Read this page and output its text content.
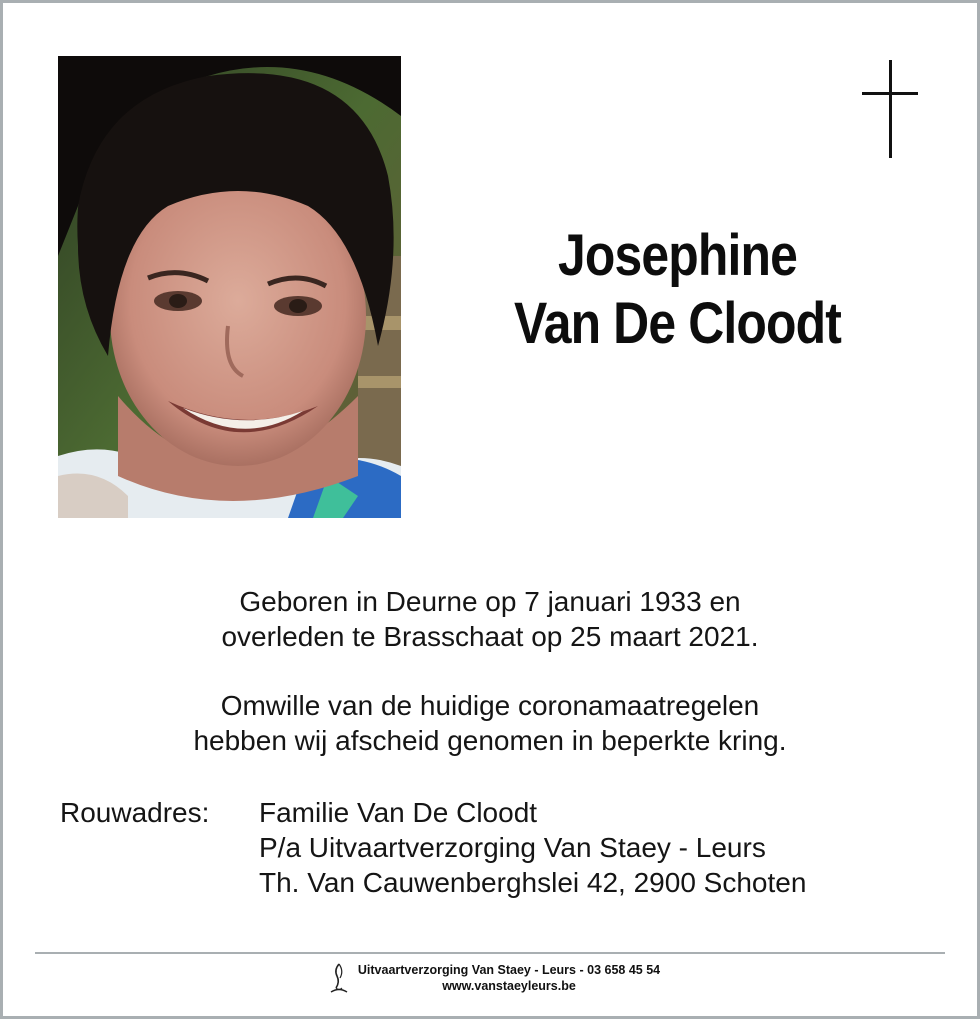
Josephine
Van De Cloodt
Geboren in Deurne op 7 januari 1933 en
overleden te Brasschaat op 25 maart 2021.
Omwille van de huidige coronamaatregelen
hebben wij afscheid genomen in beperkte kring.
Rouwadres: Familie Van De Cloodt
P/a Uitvaartverzorging Van Staey - Leurs
Th. Van Cauwenberghslei 42, 2900 Schoten
Uitvaartverzorging Van Staey - Leurs - 03 658 45 54
www.vanstaeyleurs.be
